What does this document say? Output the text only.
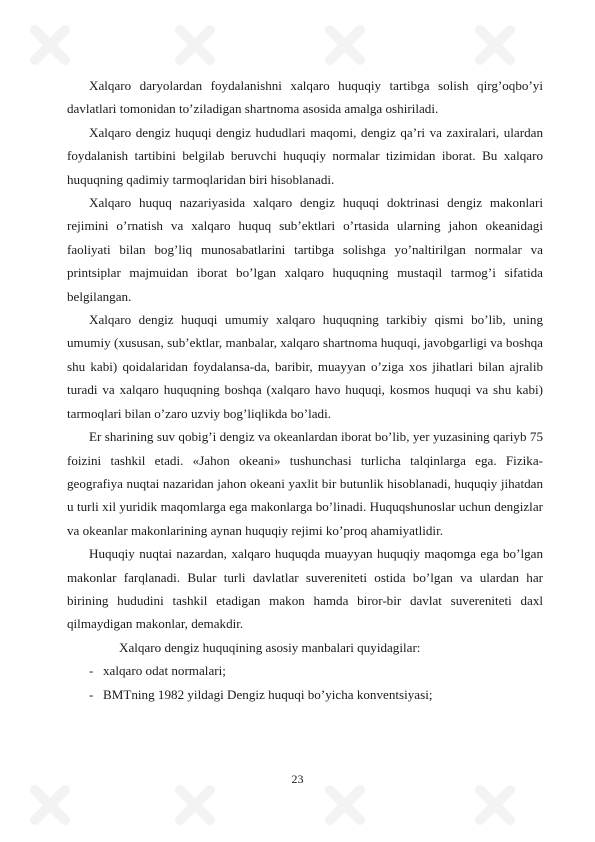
Xalqaro daryolardan foydalanishni xalqaro huquqiy tartibga solish qirg’oqbo’yi davlatlari tomonidan to’ziladigan shartnoma asosida amalga oshiriladi.

Xalqaro dengiz huquqi dengiz hududlari maqomi, dengiz qa’ri va zaxiralari, ulardan foydalanish tartibini belgilab beruvchi huquqiy normalar tizimidan iborat. Bu xalqaro huquqning qadimiy tarmoqlaridan biri hisoblanadi.

Xalqaro huquq nazariyasida xalqaro dengiz huquqi doktrinasi dengiz makonlari rejimini o’rnatish va xalqaro huquq sub’ektlari o’rtasida ularning jahon okeanidagi faoliyati bilan bog’liq munosabatlarini tartibga solishga yo’naltirilgan normalar va printsiplar majmuidan iborat bo’lgan xalqaro huquqning mustaqil tarmog’i sifatida belgilangan.

Xalqaro dengiz huquqi umumiy xalqaro huquqning tarkibiy qismi bo’lib, uning umumiy (xususan, sub’ektlar, manbalar, xalqaro shartnoma huquqi, javobgarligi va boshqa shu kabi) qoidalaridan foydalansa-da, baribir, muayyan o’ziga xos jihatlari bilan ajralib turadi va xalqaro huquqning boshqa (xalqaro havo huquqi, kosmos huquqi va shu kabi) tarmoqlari bilan o’zaro uzviy bog’liqlikda bo’ladi.

Er sharining suv qobig’i dengiz va okeanlardan iborat bo’lib, yer yuzasining qariyb 75 foizini tashkil etadi. «Jahon okeani» tushunchasi turlicha talqinlarga ega. Fizika-geografiya nuqtai nazaridan jahon okeani yaxlit bir butunlik hisoblanadi, huquqiy jihatdan u turli xil yuridik maqomlarga ega makonlarga bo’linadi. Huquqshunoslar uchun dengizlar va okeanlar makonlarining aynan huquqiy rejimi ko’proq ahamiyatlidir.

Huquqiy nuqtai nazardan, xalqaro huquqda muayyan huquqiy maqomga ega bo’lgan makonlar farqlanadi. Bular turli davlatlar suvereniteti ostida bo’lgan va ulardan har birining hududini tashkil etadigan makon hamda biror-bir davlat suvereniteti daxl qilmaydigan makonlar, demakdir.

Xalqaro dengiz huquqining asosiy manbalari quyidagilar:

- xalqaro odat normalari;
- BMTning 1982 yildagi Dengiz huquqi bo’yicha konventsiyasi;
23
